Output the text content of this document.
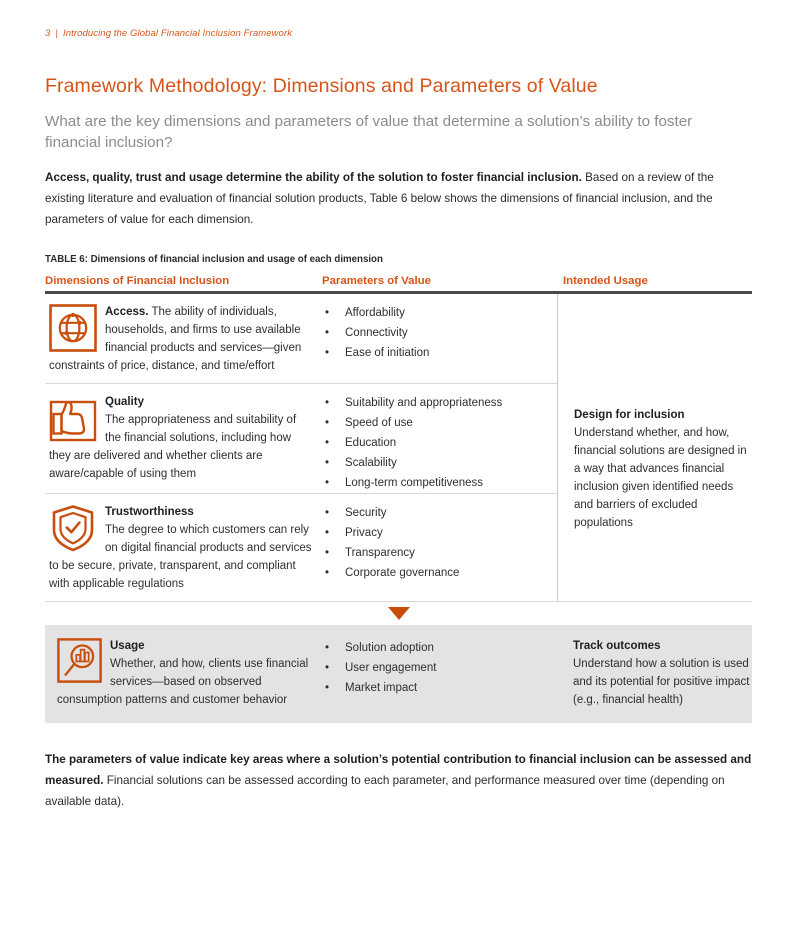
3 | Introducing the Global Financial Inclusion Framework
Framework Methodology: Dimensions and Parameters of Value
What are the key dimensions and parameters of value that determine a solution’s ability to foster financial inclusion?

Access, quality, trust and usage determine the ability of the solution to foster financial inclusion. Based on a review of the existing literature and evaluation of financial solution products, Table 6 below shows the dimensions of financial inclusion, and the parameters of value for each dimension.

TABLE 6: Dimensions of financial inclusion and usage of each dimension
Dimensions of Financial Inclusion	Parameters of Value	Intended Usage
Access. The ability of individuals, households, and firms to use available financial products and services—given constraints of price, distance, and time/effort
• Affordability
• Connectivity
• Ease of initiation
Design for inclusion
Understand whether, and how, financial solutions are designed in a way that advances financial inclusion given identified needs and barriers of excluded populations
Quality
The appropriateness and suitability of the financial solutions, including how they are delivered and whether clients are aware/capable of using them
• Suitability and appropriateness
• Speed of use
• Education
• Scalability
• Long-term competitiveness
Trustworthiness
The degree to which customers can rely on digital financial products and services to be secure, private, transparent, and compliant with applicable regulations
• Security
• Privacy
• Transparency
• Corporate governance
Usage
Whether, and how, clients use financial services—based on observed consumption patterns and customer behavior
• Solution adoption
• User engagement
• Market impact
Track outcomes
Understand how a solution is used and its potential for positive impact (e.g., financial health)

The parameters of value indicate key areas where a solution’s potential contribution to financial inclusion can be assessed and measured. Financial solutions can be assessed according to each parameter, and performance measured over time (depending on available data).
